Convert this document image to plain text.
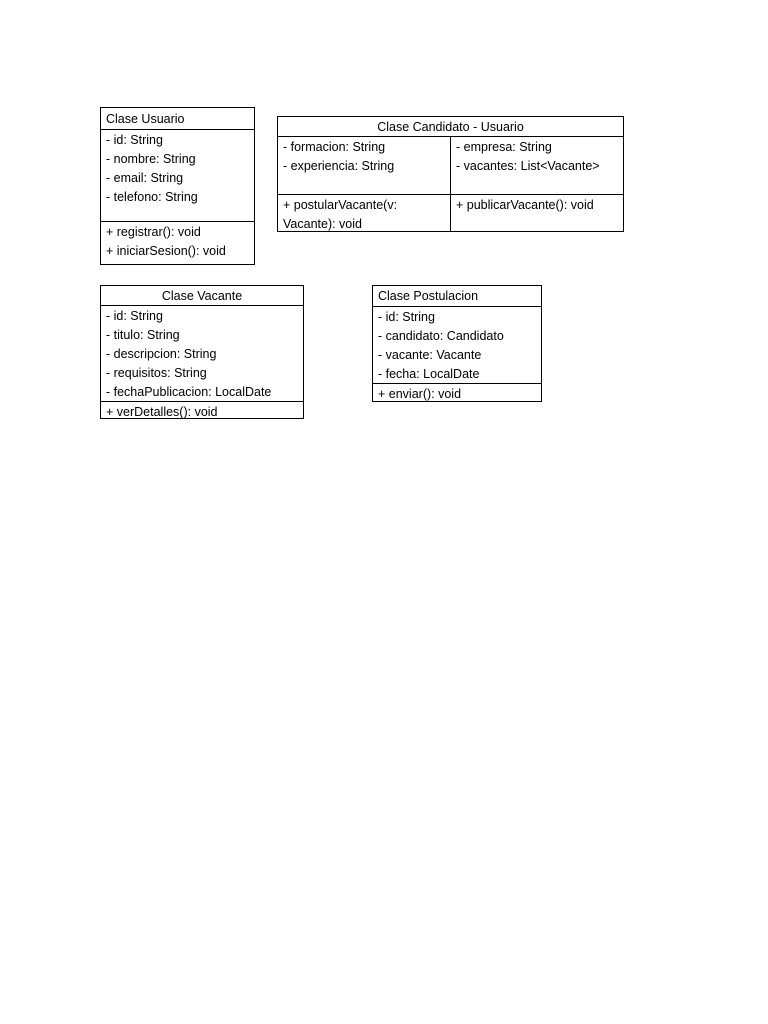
Clase Usuario
- id: String
- nombre: String
- email: String
- telefono: String
+ registrar(): void
+ iniciarSesion(): void
Clase Candidato - Usuario
- formacion: String
- experiencia: String
- empresa: String
- vacantes: List<Vacante>
+ postularVacante(v: Vacante): void
+ publicarVacante(): void
Clase Vacante
- id: String
- titulo: String
- descripcion: String
- requisitos: String
- fechaPublicacion: LocalDate
+ verDetalles(): void
Clase Postulacion
- id: String
- candidato: Candidato
- vacante: Vacante
- fecha: LocalDate
+ enviar(): void
